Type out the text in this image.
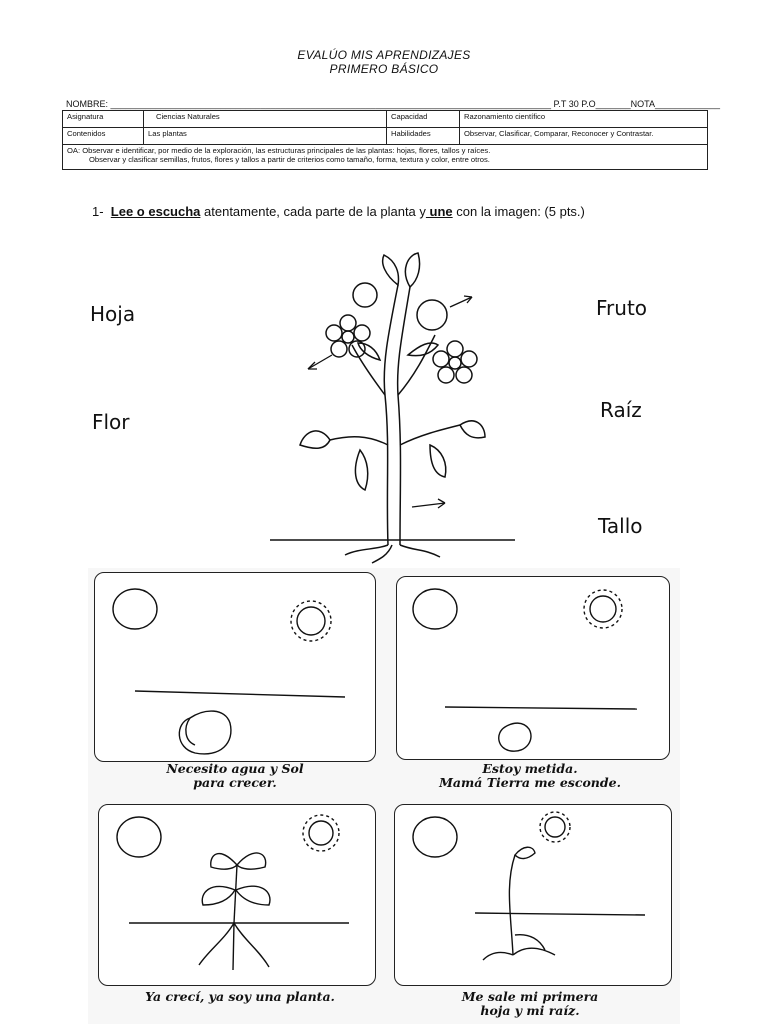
EVALÚO MIS APRENDIZAJES
PRIMERO BÁSICO
NOMBRE: ________________________________________________________________________________________ P.T 30 P.O_______NOTA_____________
Asignatura	Ciencias Naturales	Capacidad	Razonamiento científico
Contenidos	Las plantas	Habilidades	Observar, Clasificar, Comparar, Reconocer y Contrastar.

OA: Observar e identificar, por medio de la exploración, las estructuras principales de las plantas: hojas, flores, tallos y raíces.
Observar y clasificar semillas, frutos, flores y tallos a partir de criterios como tamaño, forma, textura y color, entre otros.			
1- Lee o escucha atentamente, cada parte de la planta y une con la imagen: (5 pts.)
Hoja
Flor
Fruto
Raíz
Tallo
Necesito agua y Sol
para crecer.
Estoy metida.
Mamá Tierra me esconde.
Ya crecí, ya soy una planta.	Me sale mi primera
hoja y mi raíz.
